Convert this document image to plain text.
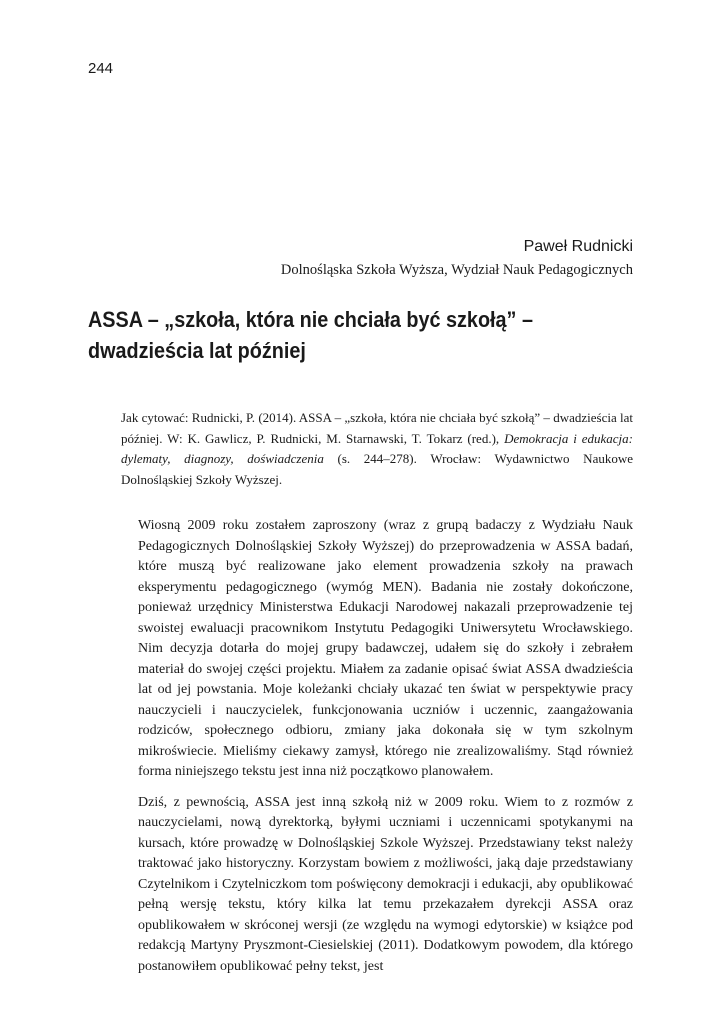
244
Paweł Rudnicki
Dolnośląska Szkoła Wyższa, Wydział Nauk Pedagogicznych
ASSA – „szkoła, która nie chciała być szkołą” –
dwadzieścia lat później

Jak cytować: Rudnicki, P. (2014). ASSA – „szkoła, która nie chciała być szkołą” – dwadzieścia lat później. W: K. Gawlicz, P. Rudnicki, M. Starnawski, T. Tokarz (red.), Demokracja i edukacja: dylematy, diagnozy, doświadczenia (s. 244–278). Wrocław: Wydawnictwo Naukowe Dolnośląskiej Szkoły Wyższej.

Wiosną 2009 roku zostałem zaproszony (wraz z grupą badaczy z Wydziału Nauk Pedagogicznych Dolnośląskiej Szkoły Wyższej) do przeprowadzenia w ASSA badań, które muszą być realizowane jako element prowadzenia szkoły na prawach eksperymentu pedagogicznego (wymóg MEN). Badania nie zostały dokończone, ponieważ urzędnicy Ministerstwa Edukacji Narodowej nakazali przeprowadzenie tej swoistej ewaluacji pracownikom Instytutu Pedagogiki Uniwersytetu Wrocławskiego. Nim decyzja dotarła do mojej grupy badawczej, udałem się do szkoły i zebrałem materiał do swojej części projektu. Miałem za zadanie opisać świat ASSA dwadzieścia lat od jej powstania. Moje koleżanki chciały ukazać ten świat w perspektywie pracy nauczycieli i nauczycielek, funkcjonowania uczniów i uczennic, zaangażowania rodziców, społecznego odbioru, zmiany jaka dokonała się w tym szkolnym mikroświecie. Mieliśmy ciekawy zamysł, którego nie zrealizowaliśmy. Stąd również forma niniejszego tekstu jest inna niż początkowo planowałem.

Dziś, z pewnością, ASSA jest inną szkołą niż w 2009 roku. Wiem to z rozmów z nauczycielami, nową dyrektorką, byłymi uczniami i uczennicami spotykanymi na kursach, które prowadzę w Dolnośląskiej Szkole Wyższej. Przedstawiany tekst należy traktować jako historyczny. Korzystam bowiem z możliwości, jaką daje przedstawiany Czytelnikom i Czytelniczkom tom poświęcony demokracji i edukacji, aby opublikować pełną wersję tekstu, który kilka lat temu przekazałem dyrekcji ASSA oraz opublikowałem w skróconej wersji (ze względu na wymogi edytorskie) w książce pod redakcją Martyny Pryszmont-Ciesielskiej (2011). Dodatkowym powodem, dla którego postanowiłem opublikować pełny tekst, jest
